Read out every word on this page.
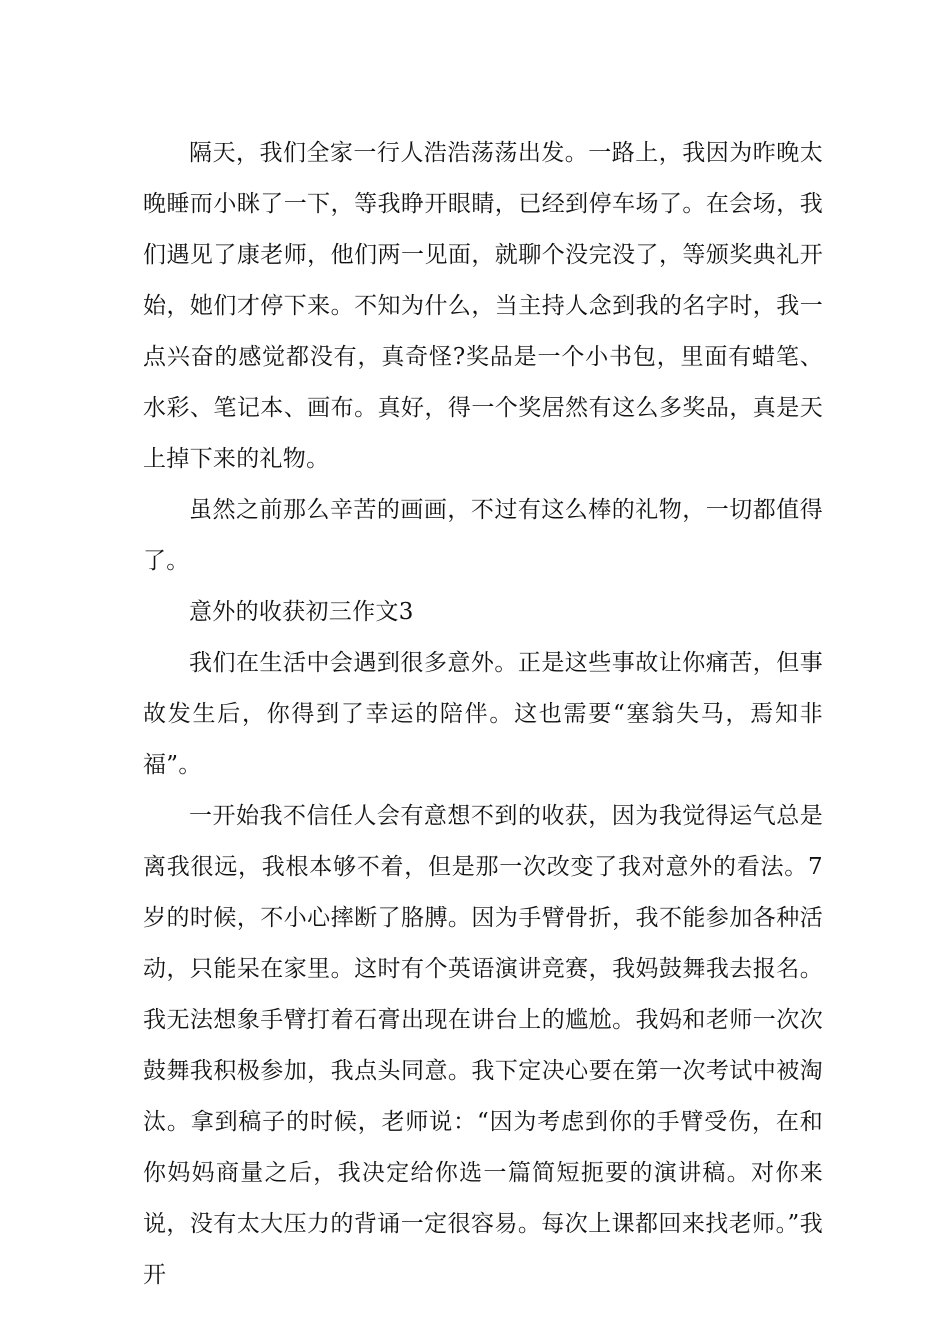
隔天，我们全家一行人浩浩荡荡出发。一路上，我因为昨晚太晚睡而小眯了一下，等我睁开眼睛，已经到停车场了。在会场，我们遇见了康老师，他们两一见面，就聊个没完没了，等颁奖典礼开始，她们才停下来。不知为什么，当主持人念到我的名字时，我一点兴奋的感觉都没有，真奇怪?奖品是一个小书包，里面有蜡笔、水彩、笔记本、画布。真好，得一个奖居然有这么多奖品，真是天上掉下来的礼物。

虽然之前那么辛苦的画画，不过有这么棒的礼物，一切都值得了。

意外的收获初三作文3

我们在生活中会遇到很多意外。正是这些事故让你痛苦，但事故发生后，你得到了幸运的陪伴。这也需要“塞翁失马，焉知非福”。

一开始我不信任人会有意想不到的收获，因为我觉得运气总是离我很远，我根本够不着，但是那一次改变了我对意外的看法。7岁的时候，不小心摔断了胳膊。因为手臂骨折，我不能参加各种活动，只能呆在家里。这时有个英语演讲竞赛，我妈鼓舞我去报名。我无法想象手臂打着石膏出现在讲台上的尴尬。我妈和老师一次次鼓舞我积极参加，我点头同意。我下定决心要在第一次考试中被淘汰。拿到稿子的时候，老师说：“因为考虑到你的手臂受伤，在和你妈妈商量之后，我决定给你选一篇简短扼要的演讲稿。对你来说，没有太大压力的背诵一定很容易。每次上课都回来找老师。”我开
